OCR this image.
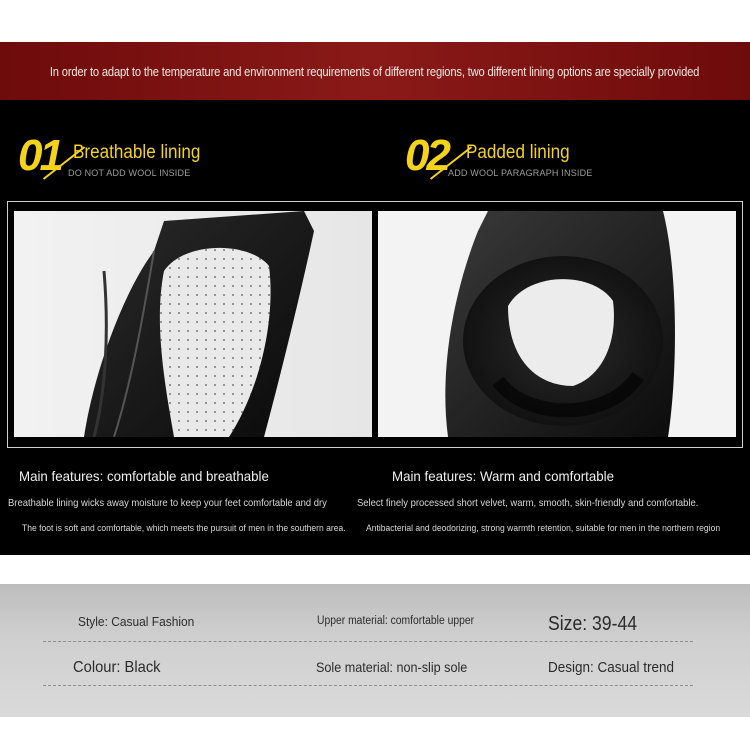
In order to adapt to the temperature and environment requirements of different regions, two different lining options are specially provided
01 Breathable lining
DO NOT ADD WOOL INSIDE	02 Padded lining
ADD WOOL PARAGRAPH INSIDE
Main features: comfortable and breathable
Breathable lining wicks away moisture to keep your feet comfortable and dry
The foot is soft and comfortable, which meets the pursuit of men in the southern area.
Main features: Warm and comfortable
Select finely processed short velvet, warm, smooth, skin-friendly and comfortable.
Antibacterial and deodorizing, strong warmth retention, suitable for men in the northern region
Style: Casual Fashion	Upper material: comfortable upper	Size: 39-44
Colour: Black	Sole material: non-slip sole	Design: Casual trend
